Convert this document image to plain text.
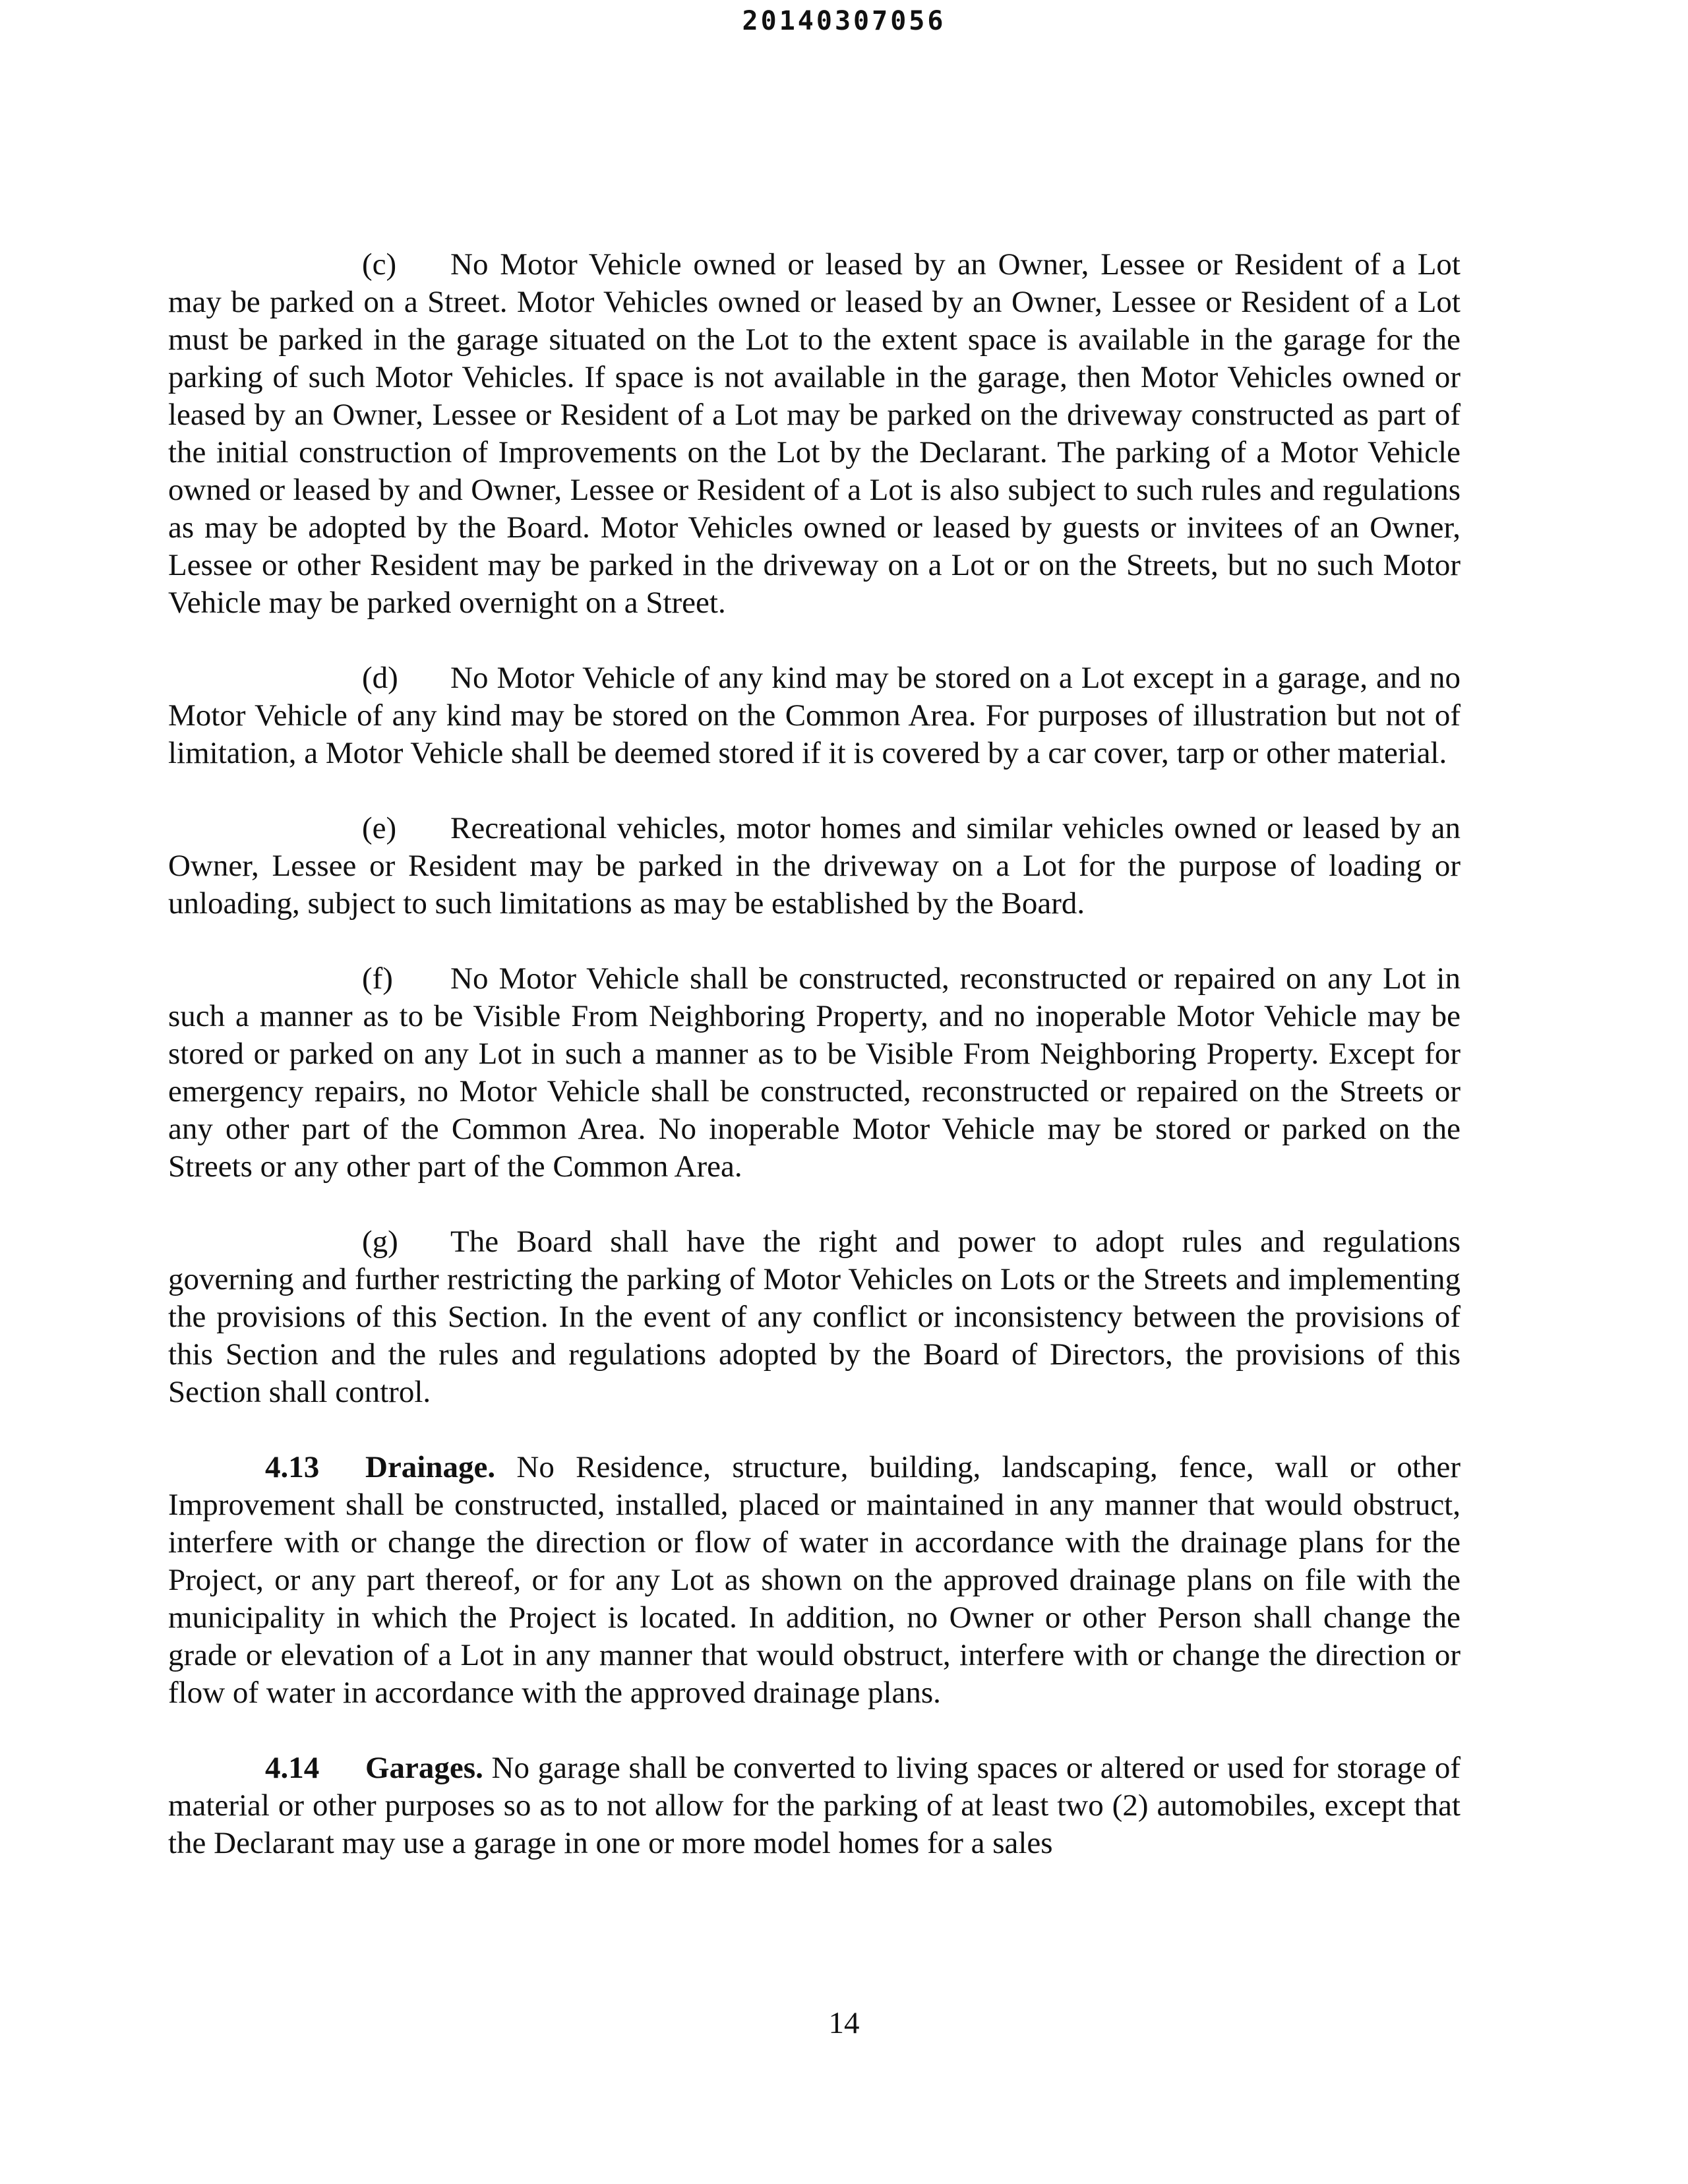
20140307056

(c) No Motor Vehicle owned or leased by an Owner, Lessee or Resident of a Lot may be parked on a Street. Motor Vehicles owned or leased by an Owner, Lessee or Resident of a Lot must be parked in the garage situated on the Lot to the extent space is available in the garage for the parking of such Motor Vehicles. If space is not available in the garage, then Motor Vehicles owned or leased by an Owner, Lessee or Resident of a Lot may be parked on the driveway constructed as part of the initial construction of Improvements on the Lot by the Declarant. The parking of a Motor Vehicle owned or leased by and Owner, Lessee or Resident of a Lot is also subject to such rules and regulations as may be adopted by the Board. Motor Vehicles owned or leased by guests or invitees of an Owner, Lessee or other Resident may be parked in the driveway on a Lot or on the Streets, but no such Motor Vehicle may be parked overnight on a Street.

(d) No Motor Vehicle of any kind may be stored on a Lot except in a garage, and no Motor Vehicle of any kind may be stored on the Common Area. For purposes of illustration but not of limitation, a Motor Vehicle shall be deemed stored if it is covered by a car cover, tarp or other material.

(e) Recreational vehicles, motor homes and similar vehicles owned or leased by an Owner, Lessee or Resident may be parked in the driveway on a Lot for the purpose of loading or unloading, subject to such limitations as may be established by the Board.

(f) No Motor Vehicle shall be constructed, reconstructed or repaired on any Lot in such a manner as to be Visible From Neighboring Property, and no inoperable Motor Vehicle may be stored or parked on any Lot in such a manner as to be Visible From Neighboring Property. Except for emergency repairs, no Motor Vehicle shall be constructed, reconstructed or repaired on the Streets or any other part of the Common Area. No inoperable Motor Vehicle may be stored or parked on the Streets or any other part of the Common Area.

(g) The Board shall have the right and power to adopt rules and regulations governing and further restricting the parking of Motor Vehicles on Lots or the Streets and implementing the provisions of this Section. In the event of any conflict or inconsistency between the provisions of this Section and the rules and regulations adopted by the Board of Directors, the provisions of this Section shall control.

4.13 Drainage. No Residence, structure, building, landscaping, fence, wall or other Improvement shall be constructed, installed, placed or maintained in any manner that would obstruct, interfere with or change the direction or flow of water in accordance with the drainage plans for the Project, or any part thereof, or for any Lot as shown on the approved drainage plans on file with the municipality in which the Project is located. In addition, no Owner or other Person shall change the grade or elevation of a Lot in any manner that would obstruct, interfere with or change the direction or flow of water in accordance with the approved drainage plans.

4.14 Garages. No garage shall be converted to living spaces or altered or used for storage of material or other purposes so as to not allow for the parking of at least two (2) automobiles, except that the Declarant may use a garage in one or more model homes for a sales

14
